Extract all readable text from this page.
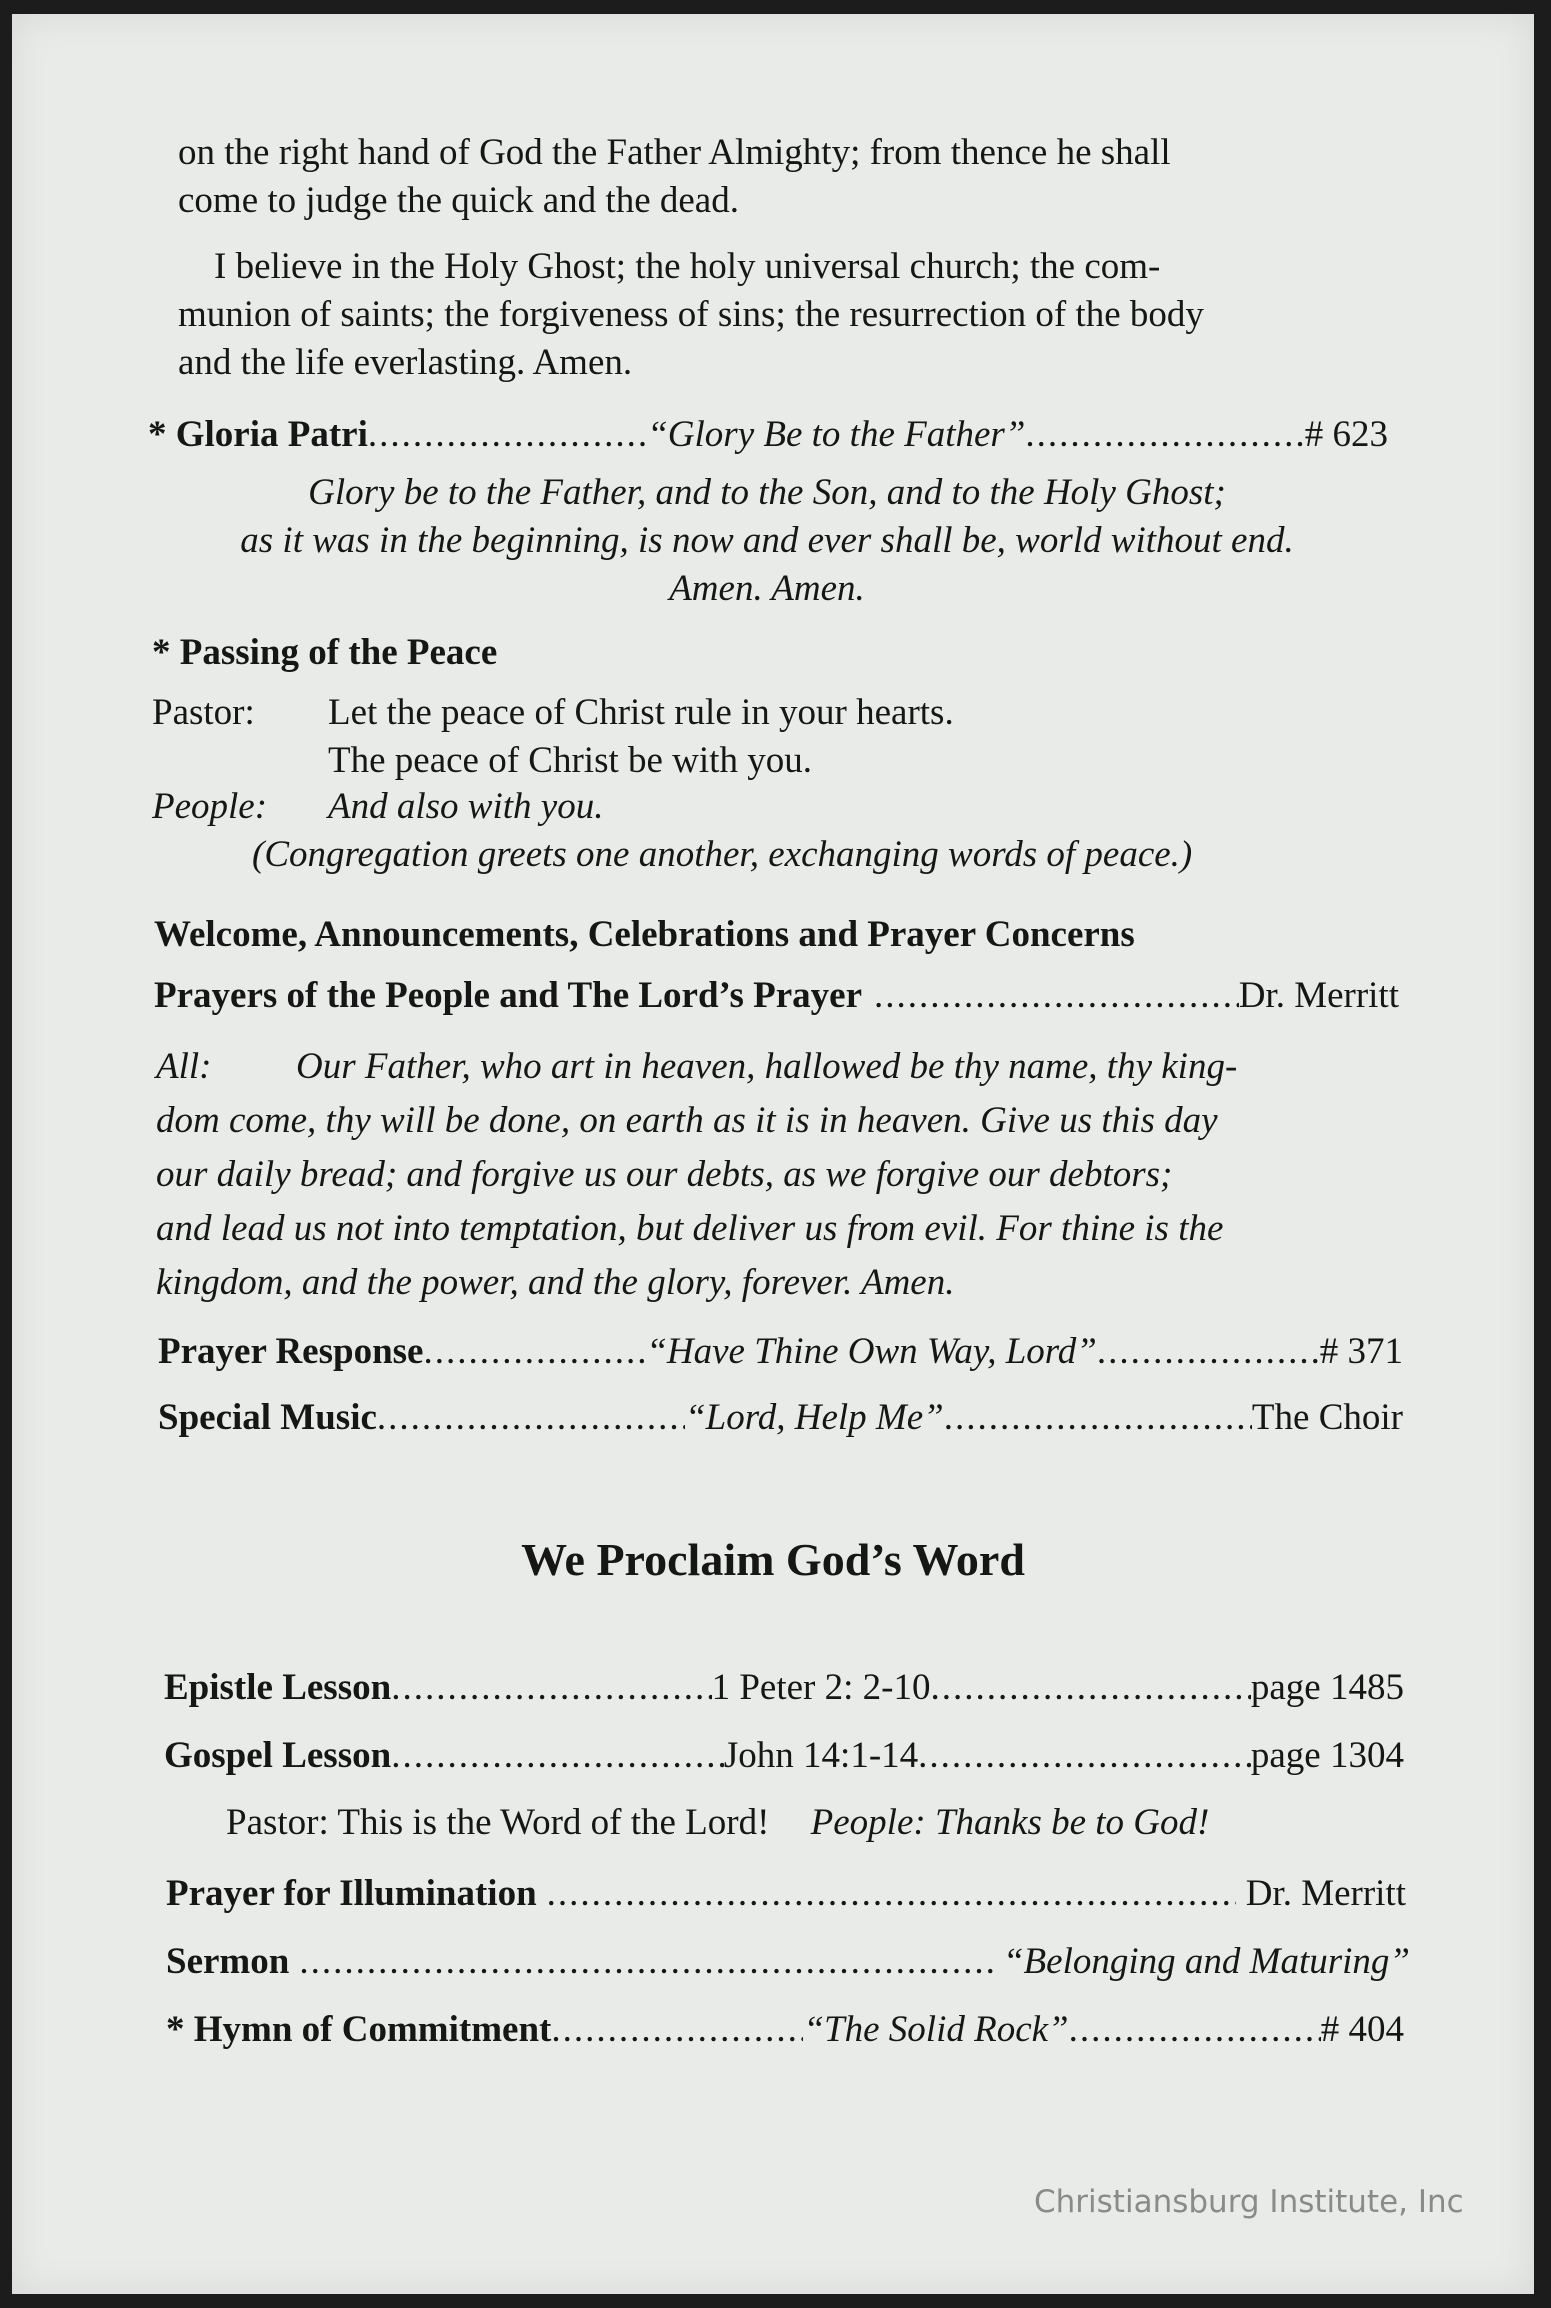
on the right hand of God the Father Almighty; from thence he shall
come to judge the quick and the dead.
I believe in the Holy Ghost; the holy universal church; the com-
munion of saints; the forgiveness of sins; the resurrection of the body
and the life everlasting. Amen.
* Gloria Patri .....	“Glory Be to the Father” .....	# 623
Glory be to the Father, and to the Son, and to the Holy Ghost;
as it was in the beginning, is now and ever shall be, world without end.
Amen. Amen.
* Passing of the Peace
Pastor: Let the peace of Christ rule in your hearts.
The peace of Christ be with you.
People: And also with you.
(Congregation greets one another, exchanging words of peace.)
Welcome, Announcements, Celebrations and Prayer Concerns
Prayers of the People and The Lord’s Prayer .....	Dr. Merritt
All: Our Father, who art in heaven, hallowed be thy name, thy king-
dom come, thy will be done, on earth as it is in heaven. Give us this day
our daily bread; and forgive us our debts, as we forgive our debtors;
and lead us not into temptation, but deliver us from evil. For thine is the
kingdom, and the power, and the glory, forever. Amen.
Prayer Response .....	“Have Thine Own Way, Lord” .....	# 371
Special Music .....	“Lord, Help Me” .....	The Choir
We Proclaim God’s Word
Epistle Lesson .....	1 Peter 2: 2-10 .....	page 1485
Gospel Lesson .....	John 14:1-14 .....	page 1304
Pastor: This is the Word of the Lord! People: Thanks be to God!
Prayer for Illumination .....	Dr. Merritt
Sermon .....	“Belonging and Maturing”
* Hymn of Commitment .....	“The Solid Rock” .....	# 404
Christiansburg Institute, Inc
